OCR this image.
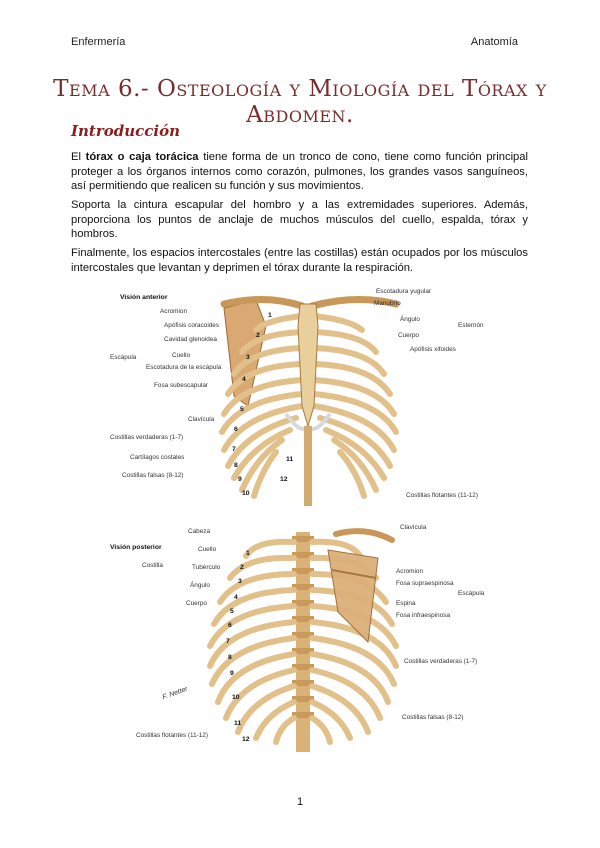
Enfermería	Anatomía
Tema 6.- Osteología y Miología del Tórax y Abdomen.
Introducción
El tórax o caja torácica tiene forma de un tronco de cono, tiene como función principal proteger a los órganos internos como corazón, pulmones, los grandes vasos sanguíneos, así permitiendo que realicen su función y sus movimientos.
Soporta la cintura escapular del hombro y a las extremidades superiores. Además, proporciona los puntos de anclaje de muchos músculos del cuello, espalda, tórax y hombros.
Finalmente, los espacios intercostales (entre las costillas) están ocupados por los músculos intercostales que levantan y deprimen el tórax durante la respiración.
Visión anterior
Acromion
Apófisis coracoides
Cavidad glenoidea
Cuello
Escotadura de la escápula
Fosa subescapular
Clavícula
Costillas verdaderas (1-7)
Cartílagos costales
Costillas falsas (8-12)
Escápula
Escotadura yugular
Manubrio
Ángulo
Cuerpo
Apófisis xifoides
Costillas flotantes (11-12)
Esternón
1
2
3
4
5
6
7
8
9
10
11
12
Visión posterior
Cabeza
Cuello
Tubérculo
Ángulo
Cuerpo
Costillas flotantes (11-12)
Costilla
Clavícula
Acromion
Fosa supraespinosa
Espina
Fosa infraespinosa
Costillas verdaderas (1-7)
Costillas falsas (8-12)
Escápula
1
2
3
4
5
6
7
8
9
10
11
12
F. Netter
1
